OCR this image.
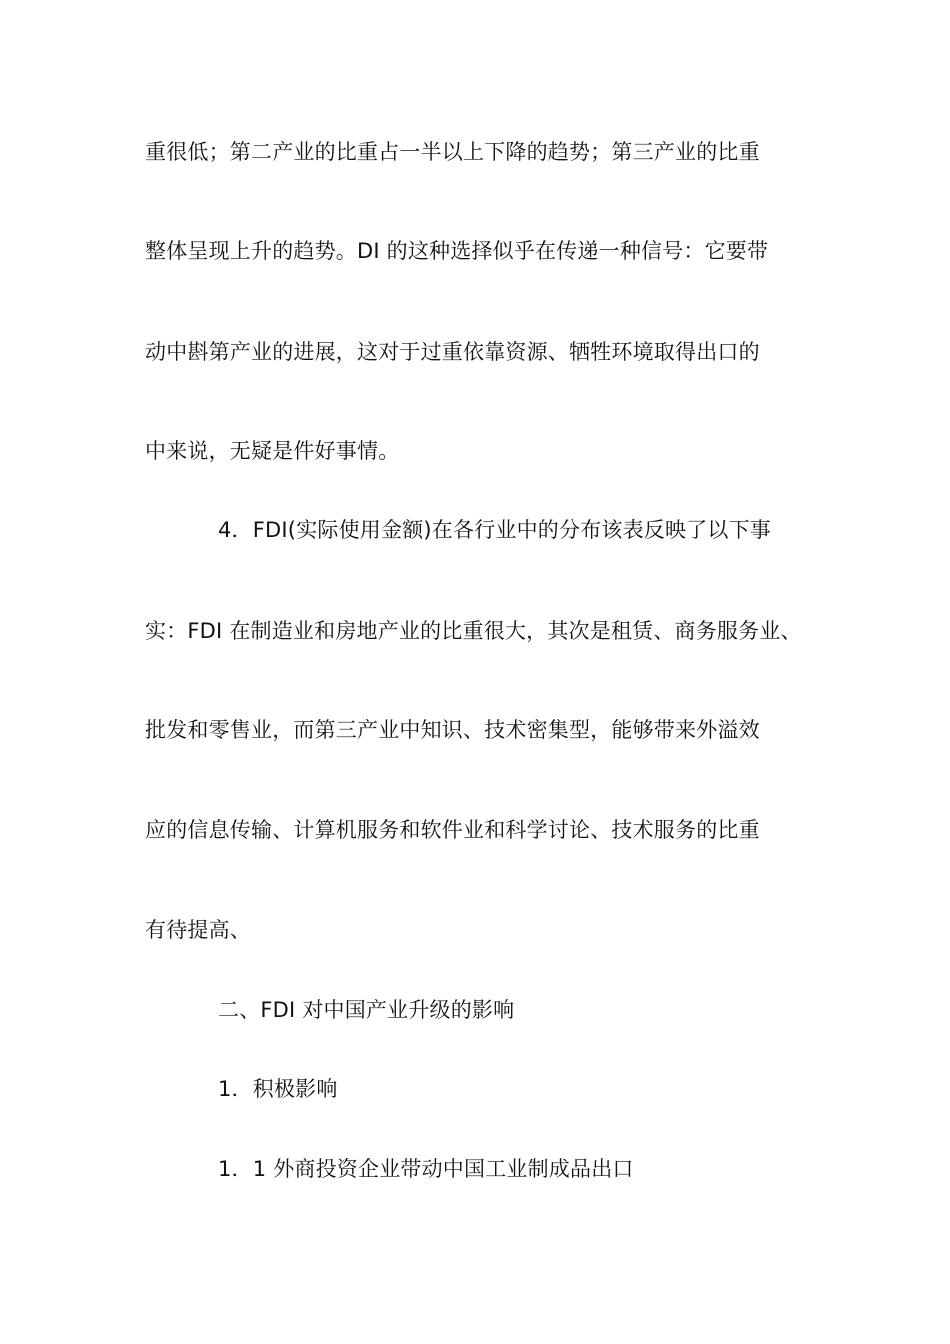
重很低；第二产业的比重占一半以上下降的趋势；第三产业的比重
整体呈现上升的趋势。DI 的这种选择似乎在传递一种信号：它要带
动中斟第产业的进展，这对于过重依靠资源、牺牲环境取得出口的
中来说，无疑是件好事情。
4．FDI(实际使用金额)在各行业中的分布该表反映了以下事
实：FDI 在制造业和房地产业的比重很大，其次是租赁、商务服务业、
批发和零售业，而第三产业中知识、技术密集型，能够带来外溢效
应的信息传输、计算机服务和软件业和科学讨论、技术服务的比重
有待提高、
二、FDI 对中国产业升级的影响
1．积极影响
1．1 外商投资企业带动中国工业制成品出口
